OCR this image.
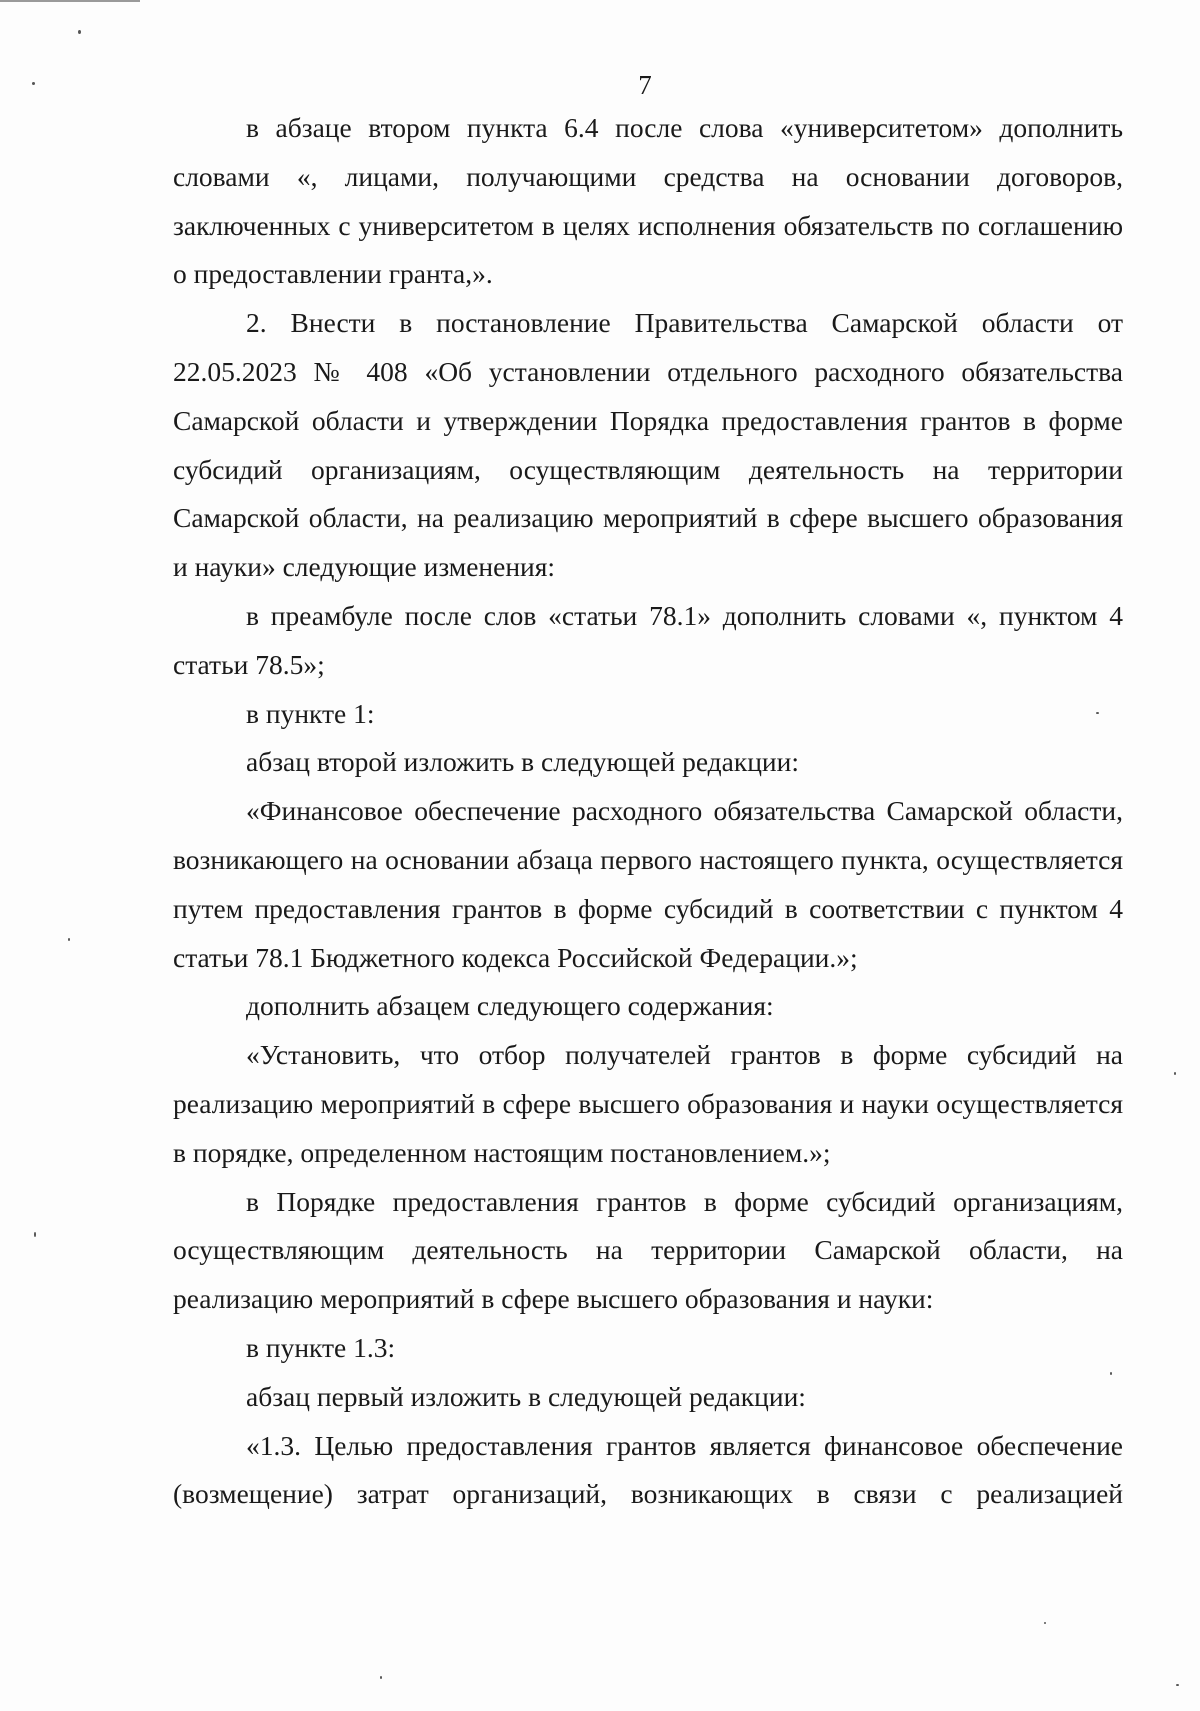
7

в абзаце втором пункта 6.4 после слова «университетом» дополнить словами «, лицами, получающими средства на основании договоров, заключенных с университетом в целях исполнения обязательств по соглашению о предоставлении гранта,».

2. Внести в постановление Правительства Самарской области от 22.05.2023 № 408 «Об установлении отдельного расходного обязательства Самарской области и утверждении Порядка предоставления грантов в форме субсидий организациям, осуществляющим деятельность на территории Самарской области, на реализацию мероприятий в сфере высшего образования и науки» следующие изменения:

в преамбуле после слов «статьи 78.1» дополнить словами «, пунктом 4 статьи 78.5»;

в пункте 1:

абзац второй изложить в следующей редакции:

«Финансовое обеспечение расходного обязательства Самарской области, возникающего на основании абзаца первого настоящего пункта, осуществляется путем предоставления грантов в форме субсидий в соответствии с пунктом 4 статьи 78.1 Бюджетного кодекса Российской Федерации.»;

дополнить абзацем следующего содержания:

«Установить, что отбор получателей грантов в форме субсидий на реализацию мероприятий в сфере высшего образования и науки осуществляется в порядке, определенном настоящим постановлением.»;

в Порядке предоставления грантов в форме субсидий организациям, осуществляющим деятельность на территории Самарской области, на реализацию мероприятий в сфере высшего образования и науки:

в пункте 1.3:

абзац первый изложить в следующей редакции:

«1.3. Целью предоставления грантов является финансовое обеспечение (возмещение) затрат организаций, возникающих в связи с реализацией
